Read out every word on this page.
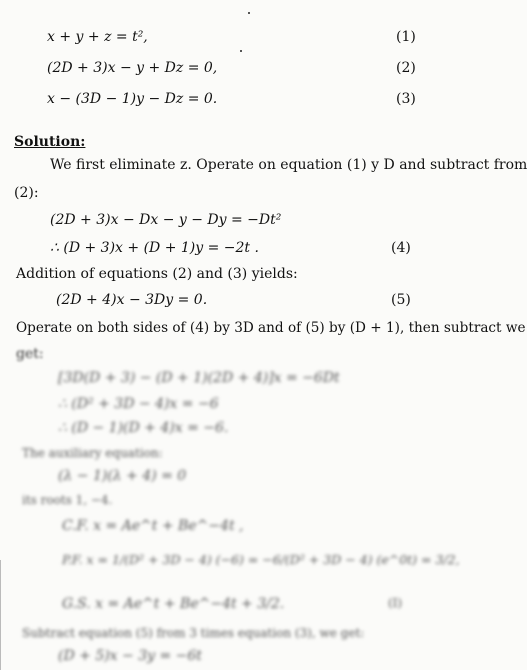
x + y + z = t²,	(1)
(2D + 3)x − y + Dz = 0,	(2)
x − (3D − 1)y − Dz = 0.	(3)
Solution:
We first eliminate z. Operate on equation (1) y D and subtract from
(2):
(2D + 3)x − Dx − y − Dy = −Dt²
∴ (D + 3)x + (D + 1)y = −2t .	(4)
Addition of equations (2) and (3) yields:
(2D + 4)x − 3Dy = 0.	(5)
Operate on both sides of (4) by 3D and of (5) by (D + 1), then subtract we
get:
[3D(D + 3) − (D + 1)(2D + 4)]x = −6Dt
∴ (D² + 3D − 4)x = −6
∴ (D − 1)(D + 4)x = −6.
The auxiliary equation:
(λ − 1)(λ + 4) = 0
its roots 1, −4.
C.F. x = Ae^t + Be^−4t ,
P.F. x = 1/(D² + 3D − 4) (−6) = −6/(D² + 3D − 4) (e^0t) = 3/2,
G.S. x = Ae^t + Be^−4t + 3/2.	(I)
Subtract equation (5) from 3 times equation (3), we get:
(D + 5)x − 3y = −6t
